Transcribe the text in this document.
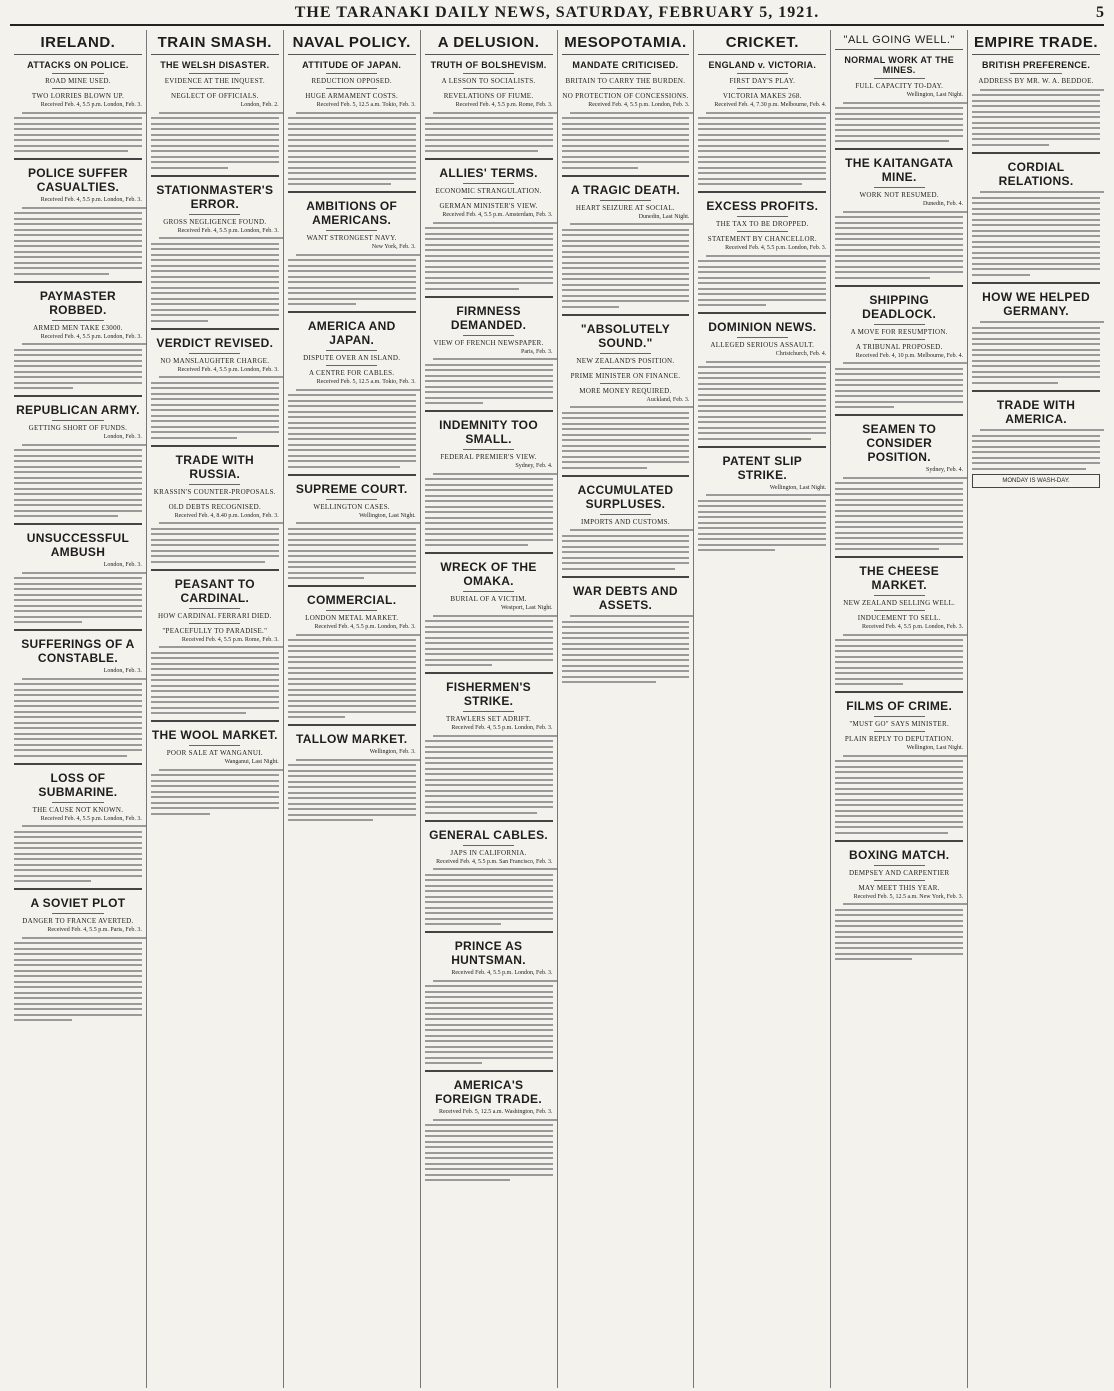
THE TARANAKI DAILY NEWS, SATURDAY, FEBRUARY 5, 1921.	5
IRELAND.
ATTACKS ON POLICE.
ROAD MINE USED.
TWO LORRIES BLOWN UP.
Received Feb. 4, 5.5 p.m. London, Feb. 3.
POLICE SUFFER CASUALTIES.
Received Feb. 4, 5.5 p.m. London, Feb. 3.
PAYMASTER ROBBED.
ARMED MEN TAKE £3000.
Received Feb. 4, 5.5 p.m. London, Feb. 3.
REPUBLICAN ARMY.
GETTING SHORT OF FUNDS.
London, Feb. 3.
UNSUCCESSFUL AMBUSH
London, Feb. 3.
SUFFERINGS OF A CONSTABLE.
London, Feb. 3.
LOSS OF SUBMARINE.
THE CAUSE NOT KNOWN.
Received Feb. 4, 5.5 p.m. London, Feb. 3.
A SOVIET PLOT
DANGER TO FRANCE AVERTED.
Received Feb. 4, 5.5 p.m. Paris, Feb. 3.
TRAIN SMASH.
THE WELSH DISASTER.
EVIDENCE AT THE INQUEST.
NEGLECT OF OFFICIALS.
London, Feb. 2.
STATIONMASTER'S ERROR.
GROSS NEGLIGENCE FOUND.
Received Feb. 4, 5.5 p.m. London, Feb. 3.
VERDICT REVISED.
NO MANSLAUGHTER CHARGE.
Received Feb. 4, 5.5 p.m. London, Feb. 3.
TRADE WITH RUSSIA.
KRASSIN'S COUNTER-PROPOSALS.
OLD DEBTS RECOGNISED.
Received Feb. 4, 8.40 p.m. London, Feb. 3.
PEASANT TO CARDINAL.
HOW CARDINAL FERRARI DIED.
"PEACEFULLY TO PARADISE."
Received Feb. 4, 5.5 p.m. Rome, Feb. 3.
THE WOOL MARKET.
POOR SALE AT WANGANUI.
Wanganui, Last Night.
NAVAL POLICY.
ATTITUDE OF JAPAN.
REDUCTION OPPOSED.
HUGE ARMAMENT COSTS.
Received Feb. 5, 12.5 a.m. Tokio, Feb. 3.
AMBITIONS OF AMERICANS.
WANT STRONGEST NAVY.
New York, Feb. 3.
AMERICA AND JAPAN.
DISPUTE OVER AN ISLAND.
A CENTRE FOR CABLES.
Received Feb. 5, 12.5 a.m. Tokio, Feb. 3.
SUPREME COURT.
WELLINGTON CASES.
Wellington, Last Night.
COMMERCIAL.
LONDON METAL MARKET.
Received Feb. 4, 5.5 p.m. London, Feb. 3.
TALLOW MARKET.
Wellington, Feb. 3.
A DELUSION.
TRUTH OF BOLSHEVISM.
A LESSON TO SOCIALISTS.
REVELATIONS OF FIUME.
Received Feb. 4, 5.5 p.m. Rome, Feb. 3.
ALLIES' TERMS.
ECONOMIC STRANGULATION.
GERMAN MINISTER'S VIEW.
Received Feb. 4, 5.5 p.m. Amsterdam, Feb. 3.
FIRMNESS DEMANDED.
VIEW OF FRENCH NEWSPAPER.
Paris, Feb. 3.
INDEMNITY TOO SMALL.
FEDERAL PREMIER'S VIEW.
Sydney, Feb. 4.
WRECK OF THE OMAKA.
BURIAL OF A VICTIM.
Westport, Last Night.
FISHERMEN'S STRIKE.
TRAWLERS SET ADRIFT.
Received Feb. 4, 5.5 p.m. London, Feb. 3.
GENERAL CABLES.
JAPS IN CALIFORNIA.
Received Feb. 4, 5.5 p.m. San Francisco, Feb. 3.
PRINCE AS HUNTSMAN.
Received Feb. 4, 5.5 p.m. London, Feb. 3.
AMERICA'S FOREIGN TRADE.
Received Feb. 5, 12.5 a.m. Washington, Feb. 3.
MESOPOTAMIA.
MANDATE CRITICISED.
BRITAIN TO CARRY THE BURDEN.
NO PROTECTION OF CONCESSIONS.
Received Feb. 4, 5.5 p.m. London, Feb. 3.
A TRAGIC DEATH.
HEART SEIZURE AT SOCIAL.
Dunedin, Last Night.
"ABSOLUTELY SOUND."
NEW ZEALAND'S POSITION.
PRIME MINISTER ON FINANCE.
MORE MONEY REQUIRED.
Auckland, Feb. 3.
ACCUMULATED SURPLUSES.
IMPORTS AND CUSTOMS.
WAR DEBTS AND ASSETS.
CRICKET.
ENGLAND v. VICTORIA.
FIRST DAY'S PLAY.
VICTORIA MAKES 268.
Received Feb. 4, 7.30 p.m. Melbourne, Feb. 4.
EXCESS PROFITS.
THE TAX TO BE DROPPED.
STATEMENT BY CHANCELLOR.
Received Feb. 4, 5.5 p.m. London, Feb. 3.
DOMINION NEWS.
ALLEGED SERIOUS ASSAULT.
Christchurch, Feb. 4.
PATENT SLIP STRIKE.
Wellington, Last Night.
"ALL GOING WELL."
NORMAL WORK AT THE MINES.
FULL CAPACITY TO-DAY.
Wellington, Last Night.
THE KAITANGATA MINE.
WORK NOT RESUMED.
Dunedin, Feb. 4.
SHIPPING DEADLOCK.
A MOVE FOR RESUMPTION.
A TRIBUNAL PROPOSED.
Received Feb. 4, 10 p.m. Melbourne, Feb. 4.
SEAMEN TO CONSIDER POSITION.
Sydney, Feb. 4.
THE CHEESE MARKET.
NEW ZEALAND SELLING WELL.
INDUCEMENT TO SELL.
Received Feb. 4, 5.5 p.m. London, Feb. 3.
FILMS OF CRIME.
"MUST GO" SAYS MINISTER.
PLAIN REPLY TO DEPUTATION.
Wellington, Last Night.
BOXING MATCH.
DEMPSEY AND CARPENTIER
MAY MEET THIS YEAR.
Received Feb. 5, 12.5 a.m. New York, Feb. 3.
EMPIRE TRADE.
BRITISH PREFERENCE.
ADDRESS BY MR. W. A. BEDDOE.
CORDIAL RELATIONS.
HOW WE HELPED GERMANY.
TRADE WITH AMERICA.
MONDAY IS WASH-DAY.
